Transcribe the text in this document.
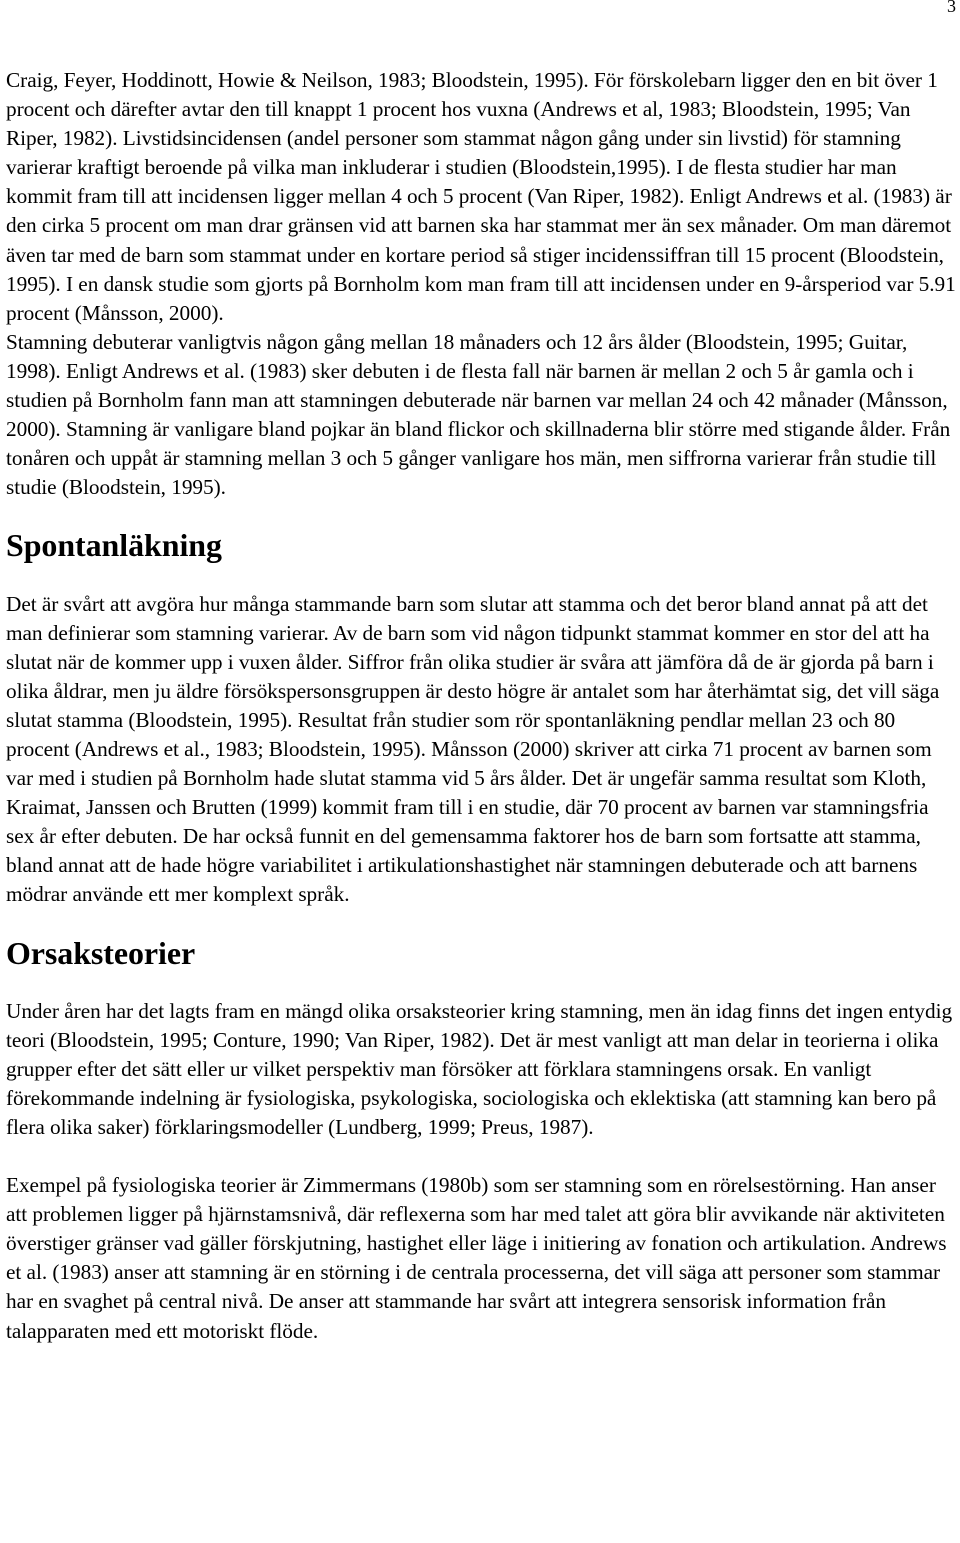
3

Craig, Feyer, Hoddinott, Howie & Neilson, 1983; Bloodstein, 1995). För förskolebarn ligger den en bit över 1 procent och därefter avtar den till knappt 1 procent hos vuxna (Andrews et al, 1983; Bloodstein, 1995; Van Riper, 1982). Livstidsincidensen (andel personer som stammat någon gång under sin livstid) för stamning varierar kraftigt beroende på vilka man inkluderar i studien (Bloodstein,1995). I de flesta studier har man kommit fram till att incidensen ligger mellan 4 och 5 procent (Van Riper, 1982). Enligt Andrews et al. (1983) är den cirka 5 procent om man drar gränsen vid att barnen ska har stammat mer än sex månader. Om man däremot även tar med de barn som stammat under en kortare period så stiger incidenssiffran till 15 procent (Bloodstein, 1995). I en dansk studie som gjorts på Bornholm kom man fram till att incidensen under en 9-årsperiod var 5.91 procent (Månsson, 2000).

Stamning debuterar vanligtvis någon gång mellan 18 månaders och 12 års ålder (Bloodstein, 1995; Guitar, 1998). Enligt Andrews et al. (1983) sker debuten i de flesta fall när barnen är mellan 2 och 5 år gamla och i studien på Bornholm fann man att stamningen debuterade när barnen var mellan 24 och 42 månader (Månsson, 2000). Stamning är vanligare bland pojkar än bland flickor och skillnaderna blir större med stigande ålder. Från tonåren och uppåt är stamning mellan 3 och 5 gånger vanligare hos män, men siffrorna varierar från studie till studie (Bloodstein, 1995).

Spontanläkning

Det är svårt att avgöra hur många stammande barn som slutar att stamma och det beror bland annat på att det man definierar som stamning varierar. Av de barn som vid någon tidpunkt stammat kommer en stor del att ha slutat när de kommer upp i vuxen ålder. Siffror från olika studier är svåra att jämföra då de är gjorda på barn i olika åldrar, men ju äldre försökspersonsgruppen är desto högre är antalet som har återhämtat sig, det vill säga slutat stamma (Bloodstein, 1995). Resultat från studier som rör spontanläkning pendlar mellan 23 och 80 procent (Andrews et al., 1983; Bloodstein, 1995). Månsson (2000) skriver att cirka 71 procent av barnen som var med i studien på Bornholm hade slutat stamma vid 5 års ålder. Det är ungefär samma resultat som Kloth, Kraimat, Janssen och Brutten (1999) kommit fram till i en studie, där 70 procent av barnen var stamningsfria sex år efter debuten. De har också funnit en del gemensamma faktorer hos de barn som fortsatte att stamma, bland annat att de hade högre variabilitet i artikulationshastighet när stamningen debuterade och att barnens mödrar använde ett mer komplext språk.

Orsaksteorier

Under åren har det lagts fram en mängd olika orsaksteorier kring stamning, men än idag finns det ingen entydig teori (Bloodstein, 1995; Conture, 1990; Van Riper, 1982). Det är mest vanligt att man delar in teorierna i olika grupper efter det sätt eller ur vilket perspektiv man försöker att förklara stamningens orsak. En vanligt förekommande indelning är fysiologiska, psykologiska, sociologiska och eklektiska (att stamning kan bero på flera olika saker) förklaringsmodeller (Lundberg, 1999; Preus, 1987).

Exempel på fysiologiska teorier är Zimmermans (1980b) som ser stamning som en rörelsestörning. Han anser att problemen ligger på hjärnstamsnivå, där reflexerna som har med talet att göra blir avvikande när aktiviteten överstiger gränser vad gäller förskjutning, hastighet eller läge i initiering av fonation och artikulation. Andrews et al. (1983) anser att stamning är en störning i de centrala processerna, det vill säga att personer som stammar har en svaghet på central nivå. De anser att stammande har svårt att integrera sensorisk information från talapparaten med ett motoriskt flöde.
